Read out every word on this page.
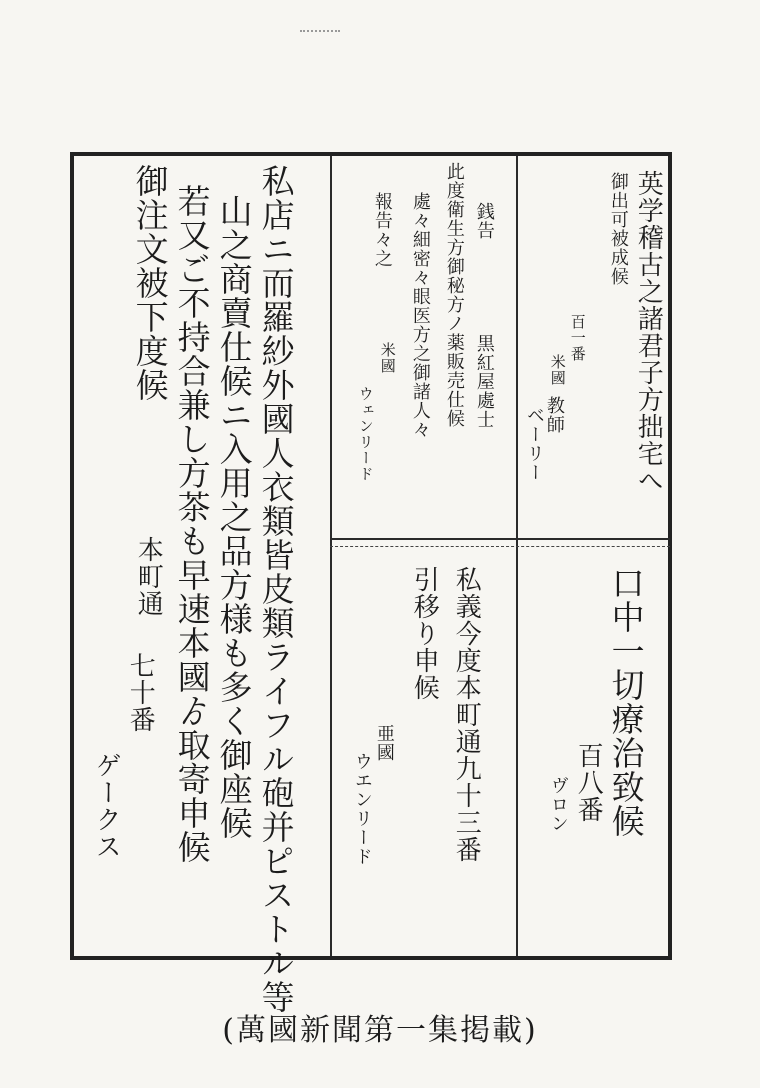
英学稽古之諸君子方拙宅へ
御出可被成候
百一番
米國
教師
ベーリー
銭告
此度衛生方御秘方ノ薬販売仕候
處々細密々眼医方之御諸人々
報告々之
黒紅屋處士
米國
ウェンリード
口中一切療治致候
百八番
ヴロン
私義今度本町通九十三番
引移り申候
亜國
ウエンリード
私店ニ而羅紗外國人衣類皆皮類ライフル砲并ピストル等
山之商賣仕候ニ入用之品方様も多く御座候
若又ご不持合兼し方茶も早速本國ゟ取寄申候
御注文被下度候
本町通
七十番
ゲークス
(萬國新聞第一集掲載)
